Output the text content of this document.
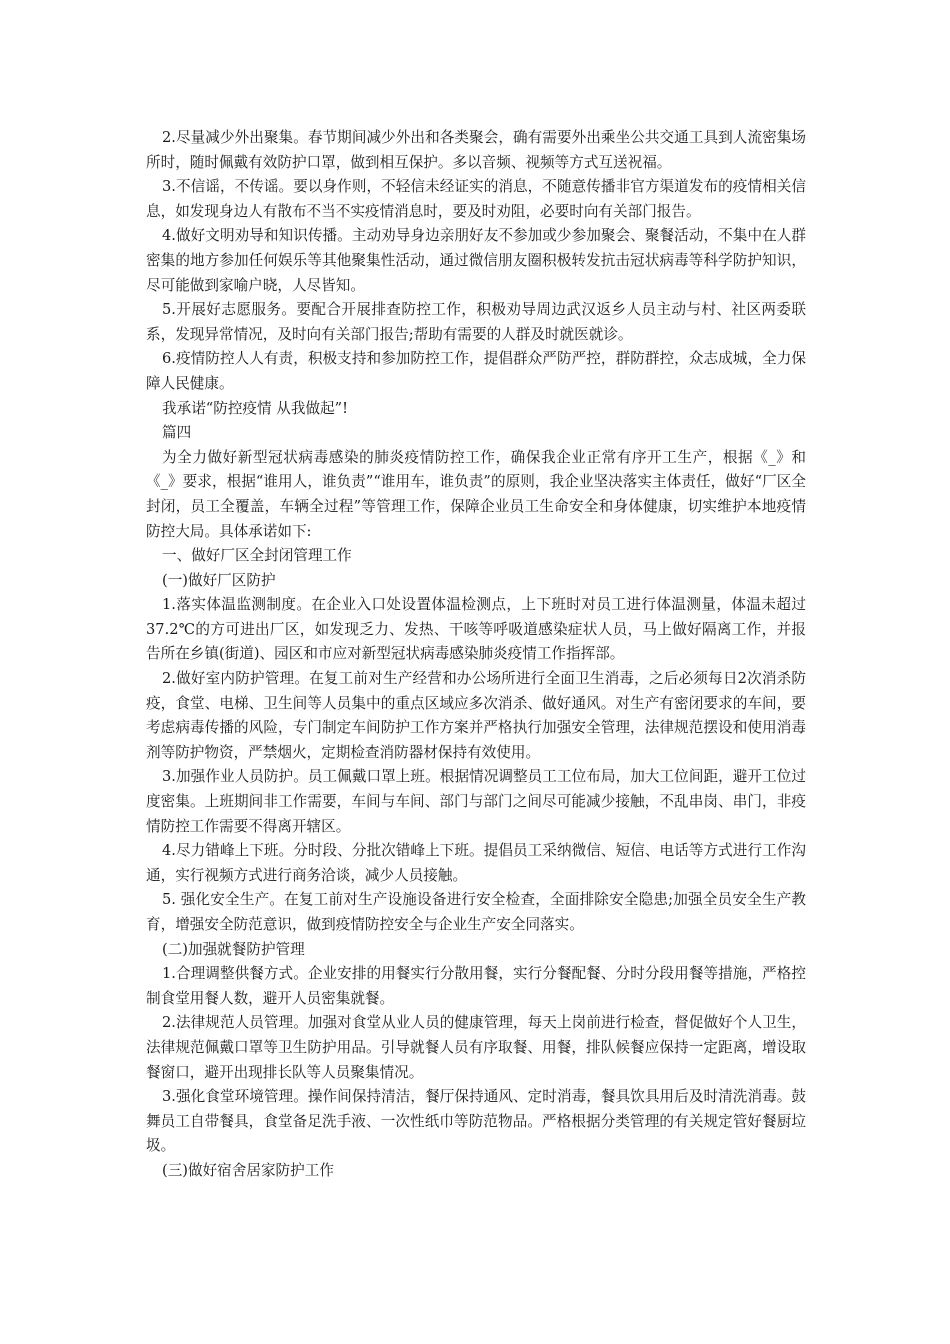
2.尽量减少外出聚集。春节期间减少外出和各类聚会，确有需要外出乘坐公共交通工具到人流密集场所时，随时佩戴有效防护口罩，做到相互保护。多以音频、视频等方式互送祝福。

3.不信谣，不传谣。要以身作则，不轻信未经证实的消息，不随意传播非官方渠道发布的疫情相关信息，如发现身边人有散布不当不实疫情消息时，要及时劝阻，必要时向有关部门报告。

4.做好文明劝导和知识传播。主动劝导身边亲朋好友不参加或少参加聚会、聚餐活动，不集中在人群密集的地方参加任何娱乐等其他聚集性活动，通过微信朋友圈积极转发抗击冠状病毒等科学防护知识，尽可能做到家喻户晓，人尽皆知。

5.开展好志愿服务。要配合开展排查防控工作，积极劝导周边武汉返乡人员主动与村、社区两委联系，发现异常情况，及时向有关部门报告;帮助有需要的人群及时就医就诊。

6.疫情防控人人有责，积极支持和参加防控工作，提倡群众严防严控，群防群控，众志成城，全力保障人民健康。

我承诺“防控疫情 从我做起”!

篇四

为全力做好新型冠状病毒感染的肺炎疫情防控工作，确保我企业正常有序开工生产，根据《_》和《_》要求，根据“谁用人，谁负责”“谁用车，谁负责”的原则，我企业坚决落实主体责任，做好“厂区全封闭，员工全覆盖，车辆全过程”等管理工作，保障企业员工生命安全和身体健康，切实维护本地疫情防控大局。具体承诺如下:

一、做好厂区全封闭管理工作

(一)做好厂区防护

1.落实体温监测制度。在企业入口处设置体温检测点，上下班时对员工进行体温测量，体温未超过37.2℃的方可进出厂区，如发现乏力、发热、干咳等呼吸道感染症状人员，马上做好隔离工作，并报告所在乡镇(街道)、园区和市应对新型冠状病毒感染肺炎疫情工作指挥部。

2.做好室内防护管理。在复工前对生产经营和办公场所进行全面卫生消毒，之后必须每日2次消杀防疫，食堂、电梯、卫生间等人员集中的重点区域应多次消杀、做好通风。对生产有密闭要求的车间，要考虑病毒传播的风险，专门制定车间防护工作方案并严格执行加强安全管理，法律规范摆设和使用消毒剂等防护物资，严禁烟火，定期检查消防器材保持有效使用。

3.加强作业人员防护。员工佩戴口罩上班。根据情况调整员工工位布局，加大工位间距，避开工位过度密集。上班期间非工作需要，车间与车间、部门与部门之间尽可能减少接触，不乱串岗、串门，非疫情防控工作需要不得离开辖区。

4.尽力错峰上下班。分时段、分批次错峰上下班。提倡员工采纳微信、短信、电话等方式进行工作沟通，实行视频方式进行商务洽谈，减少人员接触。

5. 强化安全生产。在复工前对生产设施设备进行安全检查，全面排除安全隐患;加强全员安全生产教育，增强安全防范意识，做到疫情防控安全与企业生产安全同落实。

(二)加强就餐防护管理

1.合理调整供餐方式。企业安排的用餐实行分散用餐，实行分餐配餐、分时分段用餐等措施，严格控制食堂用餐人数，避开人员密集就餐。

2.法律规范人员管理。加强对食堂从业人员的健康管理，每天上岗前进行检查，督促做好个人卫生，法律规范佩戴口罩等卫生防护用品。引导就餐人员有序取餐、用餐，排队候餐应保持一定距离，增设取餐窗口，避开出现排长队等人员聚集情况。

3.强化食堂环境管理。操作间保持清洁，餐厅保持通风、定时消毒，餐具饮具用后及时清洗消毒。鼓舞员工自带餐具，食堂备足洗手液、一次性纸巾等防范物品。严格根据分类管理的有关规定管好餐厨垃圾。

(三)做好宿舍居家防护工作
